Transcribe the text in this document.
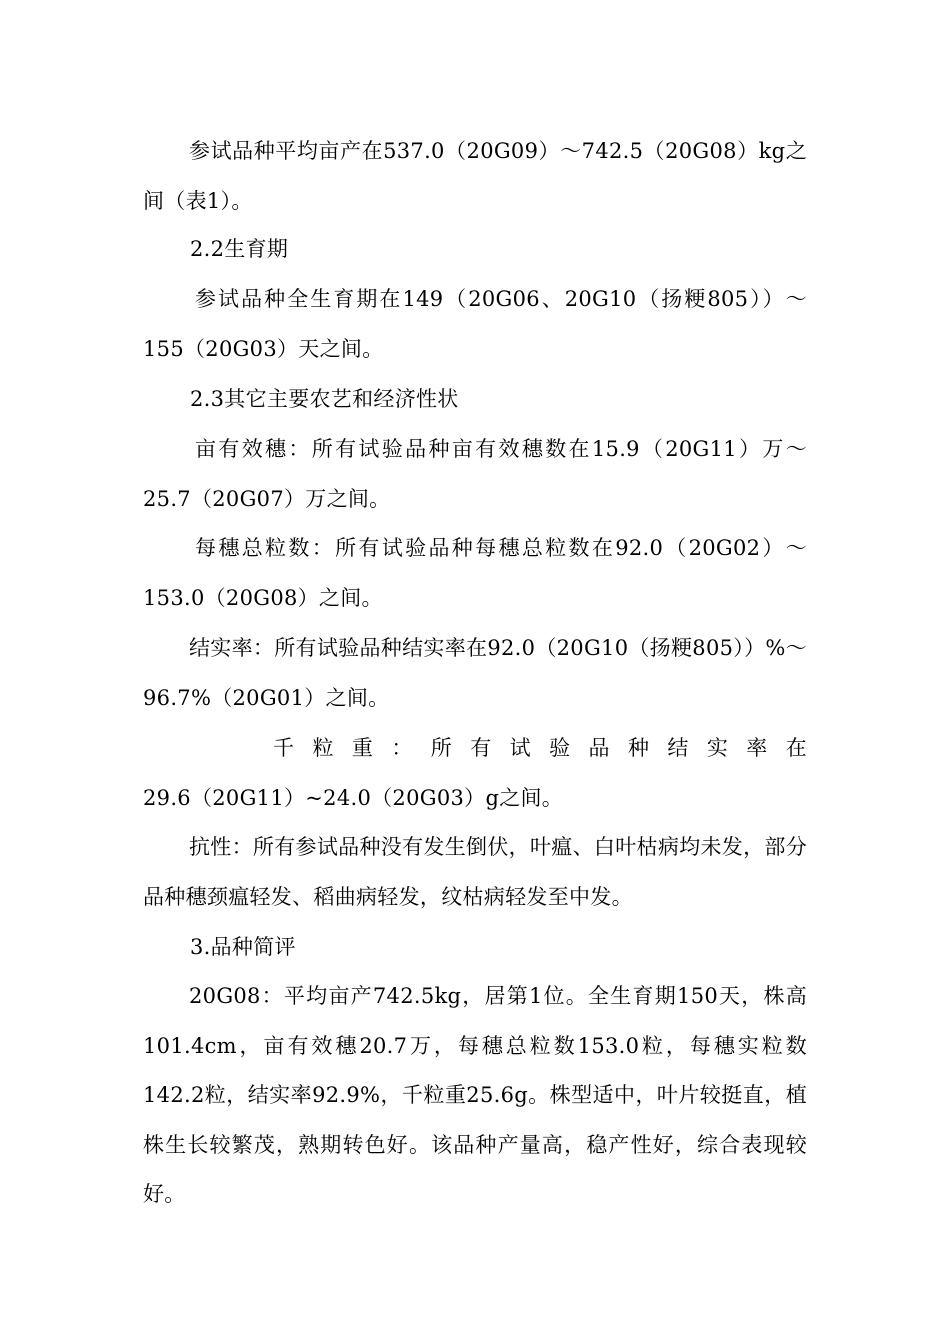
参试品种平均亩产在537.0（20G09）～742.5（20G08）kg之间（表1）。

2.2生育期

参试品种全生育期在149（20G06、20G10（扬粳805））～155（20G03）天之间。

2.3其它主要农艺和经济性状

亩有效穗：所有试验品种亩有效穗数在15.9（20G11）万～25.7（20G07）万之间。

每穗总粒数：所有试验品种每穗总粒数在92.0（20G02）～153.0（20G08）之间。

结实率：所有试验品种结实率在92.0（20G10（扬粳805））%～96.7%（20G01）之间。

千粒重：所有试验品种结实率在
29.6（20G11）~24.0（20G03）g之间。

抗性：所有参试品种没有发生倒伏，叶瘟、白叶枯病均未发，部分品种穗颈瘟轻发、稻曲病轻发，纹枯病轻发至中发。

3.品种简评

20G08：平均亩产742.5kg，居第1位。全生育期150天，株高101.4cm，亩有效穗20.7万，每穗总粒数153.0粒，每穗实粒数142.2粒，结实率92.9%，千粒重25.6g。株型适中，叶片较挺直，植株生长较繁茂，熟期转色好。该品种产量高，稳产性好，综合表现较好。
